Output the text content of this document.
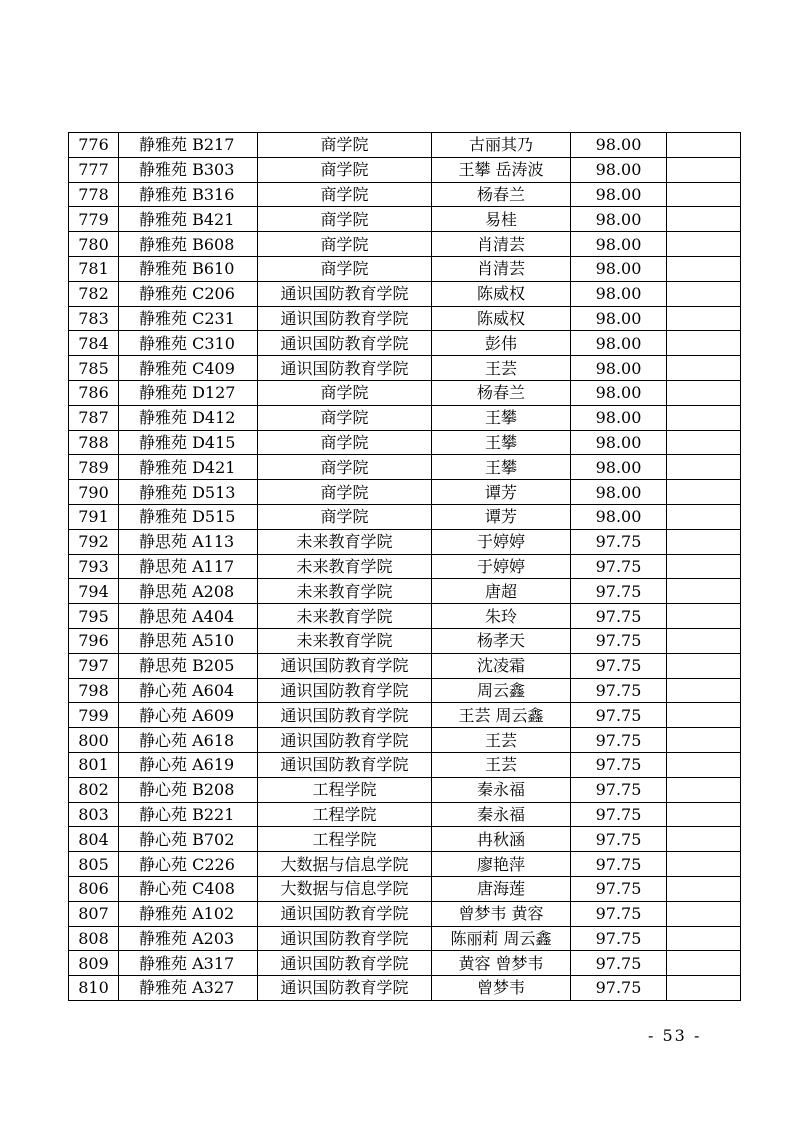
776	静雅苑 B217	商学院	古丽其乃	98.00	
777	静雅苑 B303	商学院	王攀 岳涛波	98.00	
778	静雅苑 B316	商学院	杨春兰	98.00	
779	静雅苑 B421	商学院	易桂	98.00	
780	静雅苑 B608	商学院	肖清芸	98.00	
781	静雅苑 B610	商学院	肖清芸	98.00	
782	静雅苑 C206	通识国防教育学院	陈威权	98.00	
783	静雅苑 C231	通识国防教育学院	陈威权	98.00	
784	静雅苑 C310	通识国防教育学院	彭伟	98.00	
785	静雅苑 C409	通识国防教育学院	王芸	98.00	
786	静雅苑 D127	商学院	杨春兰	98.00	
787	静雅苑 D412	商学院	王攀	98.00	
788	静雅苑 D415	商学院	王攀	98.00	
789	静雅苑 D421	商学院	王攀	98.00	
790	静雅苑 D513	商学院	谭芳	98.00	
791	静雅苑 D515	商学院	谭芳	98.00	
792	静思苑 A113	未来教育学院	于婷婷	97.75	
793	静思苑 A117	未来教育学院	于婷婷	97.75	
794	静思苑 A208	未来教育学院	唐超	97.75	
795	静思苑 A404	未来教育学院	朱玲	97.75	
796	静思苑 A510	未来教育学院	杨孝天	97.75	
797	静思苑 B205	通识国防教育学院	沈凌霜	97.75	
798	静心苑 A604	通识国防教育学院	周云鑫	97.75	
799	静心苑 A609	通识国防教育学院	王芸 周云鑫	97.75	
800	静心苑 A618	通识国防教育学院	王芸	97.75	
801	静心苑 A619	通识国防教育学院	王芸	97.75	
802	静心苑 B208	工程学院	秦永福	97.75	
803	静心苑 B221	工程学院	秦永福	97.75	
804	静心苑 B702	工程学院	冉秋涵	97.75	
805	静心苑 C226	大数据与信息学院	廖艳萍	97.75	
806	静心苑 C408	大数据与信息学院	唐海莲	97.75	
807	静雅苑 A102	通识国防教育学院	曾梦韦 黄容	97.75	
808	静雅苑 A203	通识国防教育学院	陈丽莉 周云鑫	97.75	
809	静雅苑 A317	通识国防教育学院	黄容 曾梦韦	97.75	
810	静雅苑 A327	通识国防教育学院	曾梦韦	97.75	
- 53 -
